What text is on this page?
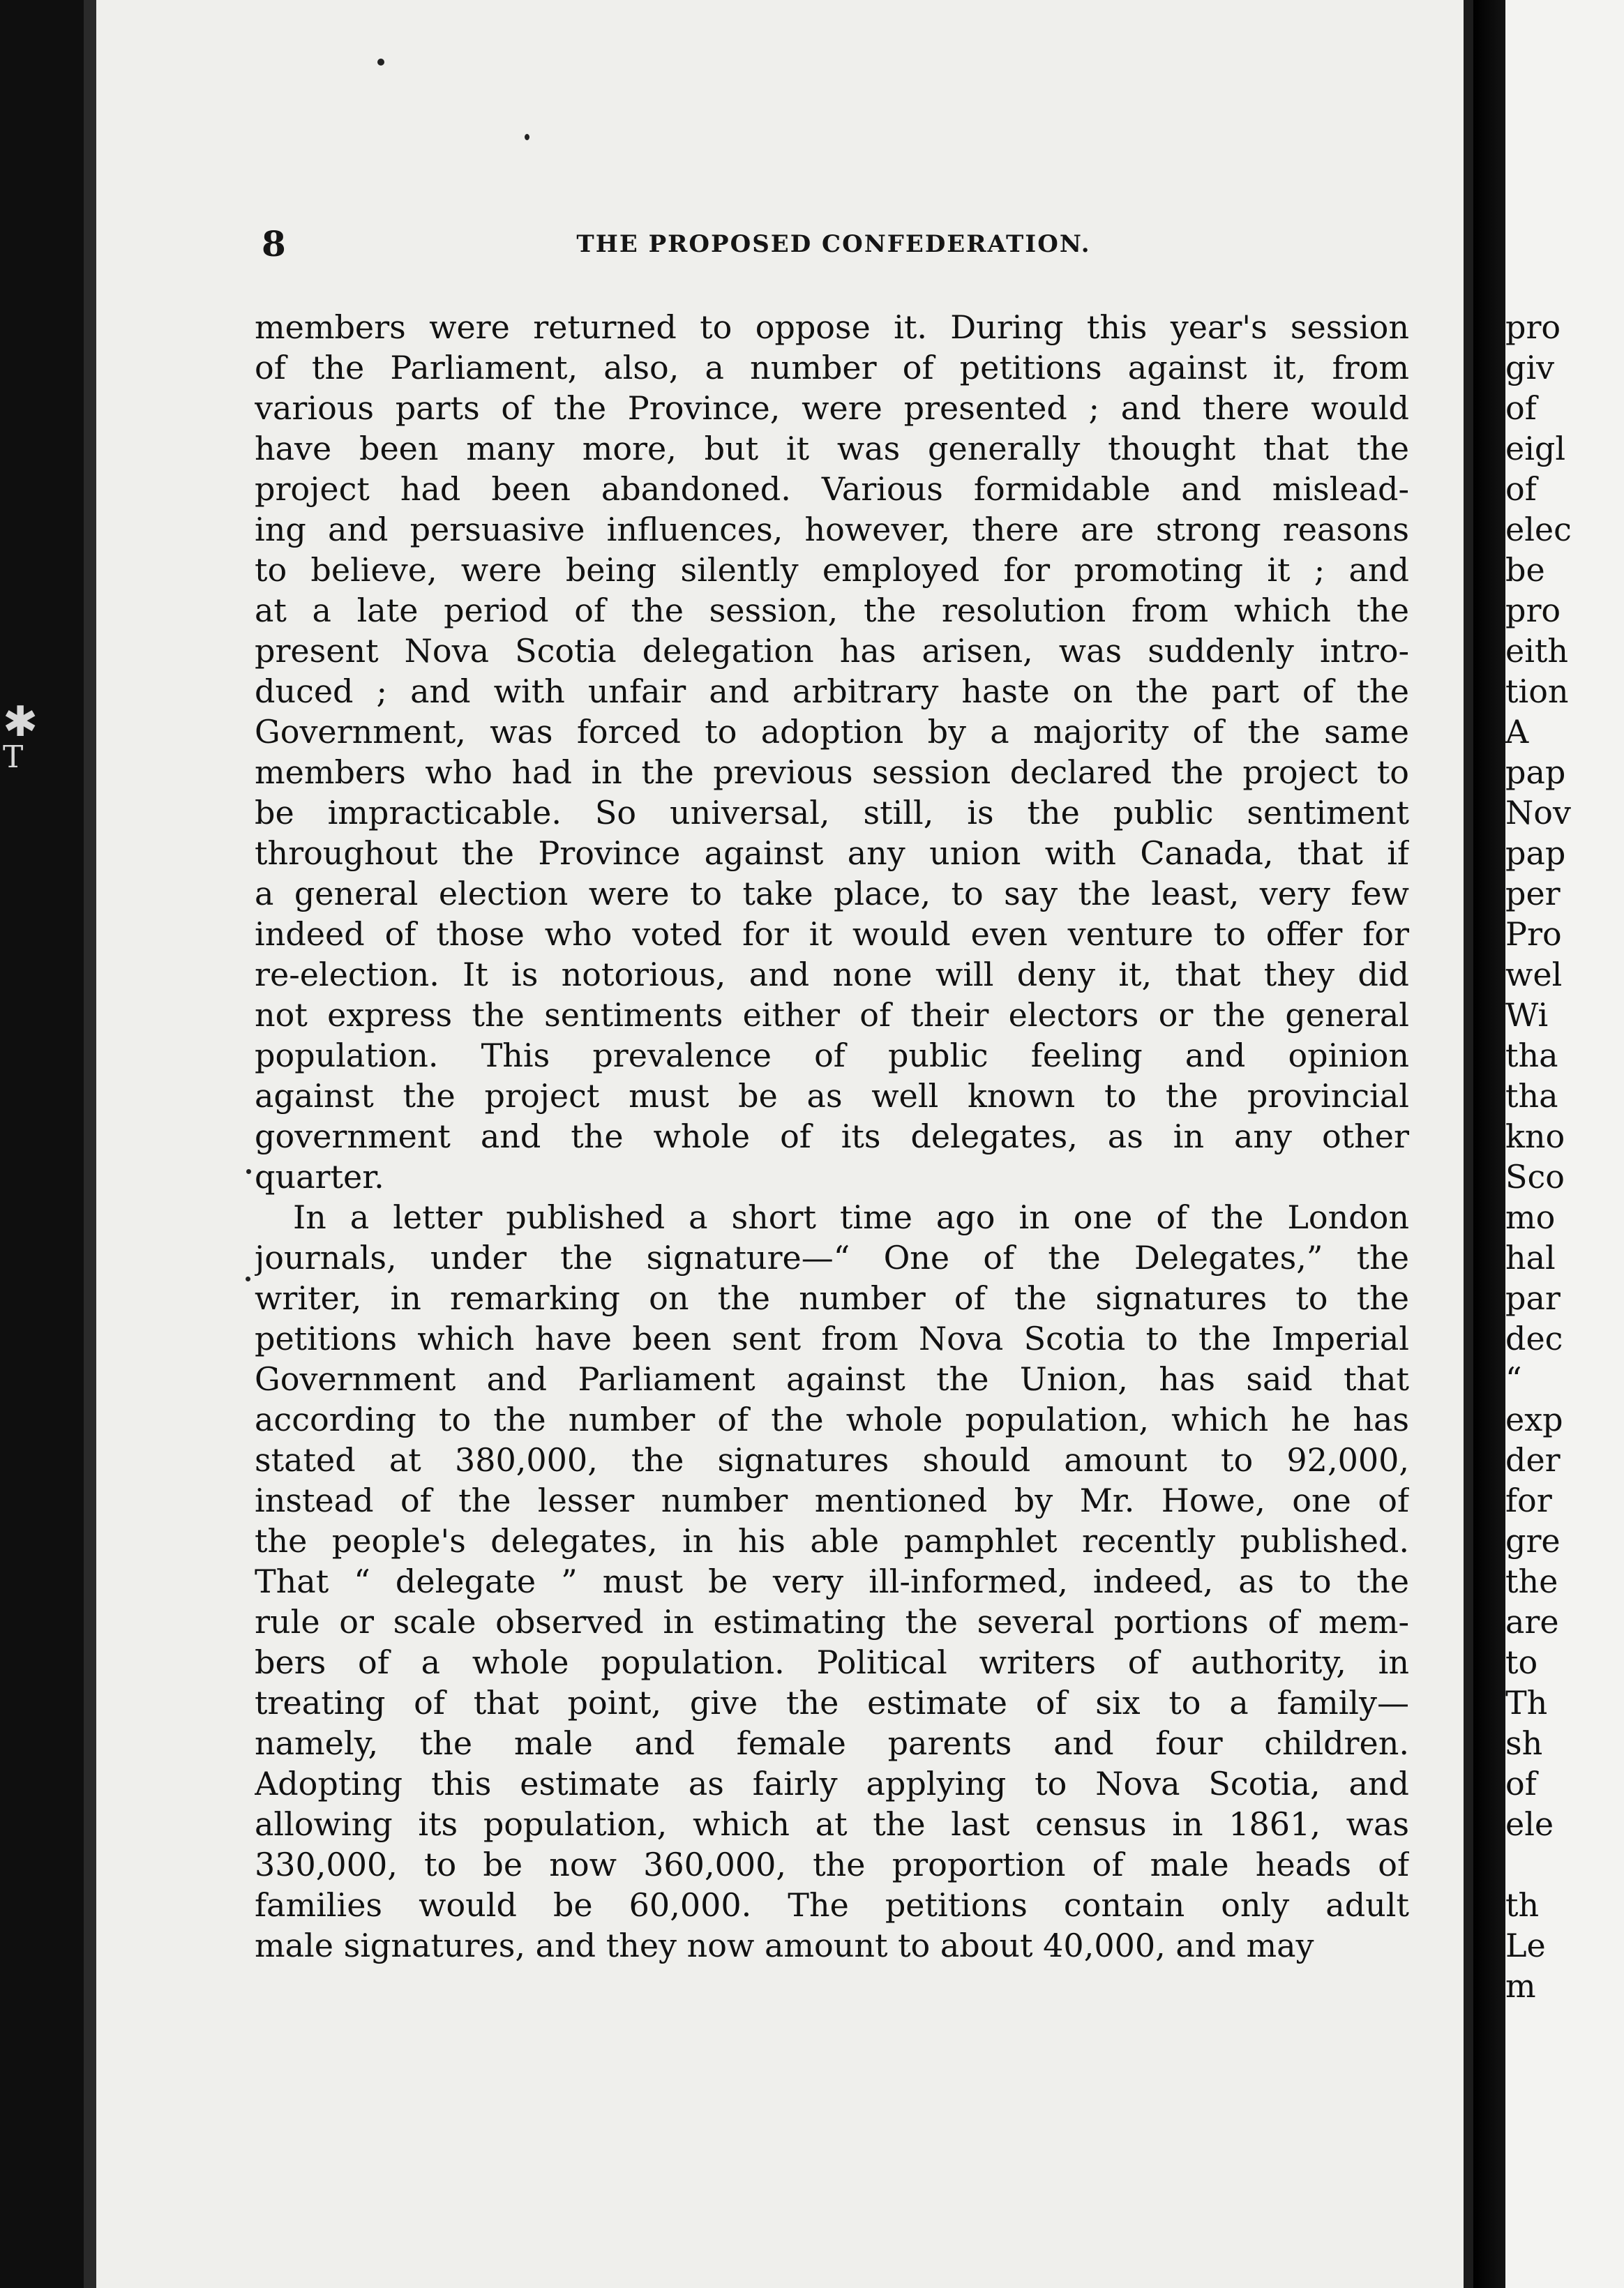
✱
T
8	THE PROPOSED CONFEDERATION.
members were returned to oppose it. During this year's session
of the Parliament, also, a number of petitions against it, from
various parts of the Province, were presented ; and there would
have been many more, but it was generally thought that the
project had been abandoned. Various formidable and mislead-
ing and persuasive influences, however, there are strong reasons
to believe, were being silently employed for promoting it ; and
at a late period of the session, the resolution from which the
present Nova Scotia delegation has arisen, was suddenly intro-
duced ; and with unfair and arbitrary haste on the part of the
Government, was forced to adoption by a majority of the same
members who had in the previous session declared the project to
be impracticable. So universal, still, is the public sentiment
throughout the Province against any union with Canada, that if
a general election were to take place, to say the least, very few
indeed of those who voted for it would even venture to offer for
re-election. It is notorious, and none will deny it, that they did
not express the sentiments either of their electors or the general
population. This prevalence of public feeling and opinion
against the project must be as well known to the provincial
government and the whole of its delegates, as in any other
quarter.
In a letter published a short time ago in one of the London
journals, under the signature—“ One of the Delegates,” the
writer, in remarking on the number of the signatures to the
petitions which have been sent from Nova Scotia to the Imperial
Government and Parliament against the Union, has said that
according to the number of the whole population, which he has
stated at 380,000, the signatures should amount to 92,000,
instead of the lesser number mentioned by Mr. Howe, one of
the people's delegates, in his able pamphlet recently published.
That “ delegate ” must be very ill-informed, indeed, as to the
rule or scale observed in estimating the several portions of mem-
bers of a whole population. Political writers of authority, in
treating of that point, give the estimate of six to a family—
namely, the male and female parents and four children.
Adopting this estimate as fairly applying to Nova Scotia, and
allowing its population, which at the last census in 1861, was
330,000, to be now 360,000, the proportion of male heads of
families would be 60,000. The petitions contain only adult
male signatures, and they now amount to about 40,000, and may
pro
giv
of
eigl
of
elec
be
pro
eith
tion
A
pap
Nov
pap
per
Pro
wel
Wi
tha
tha
kno
Sco
mo
hal
par
dec
“
exp
der
for
gre
the
are
to
Th
sh
of
ele
th
Le
m
